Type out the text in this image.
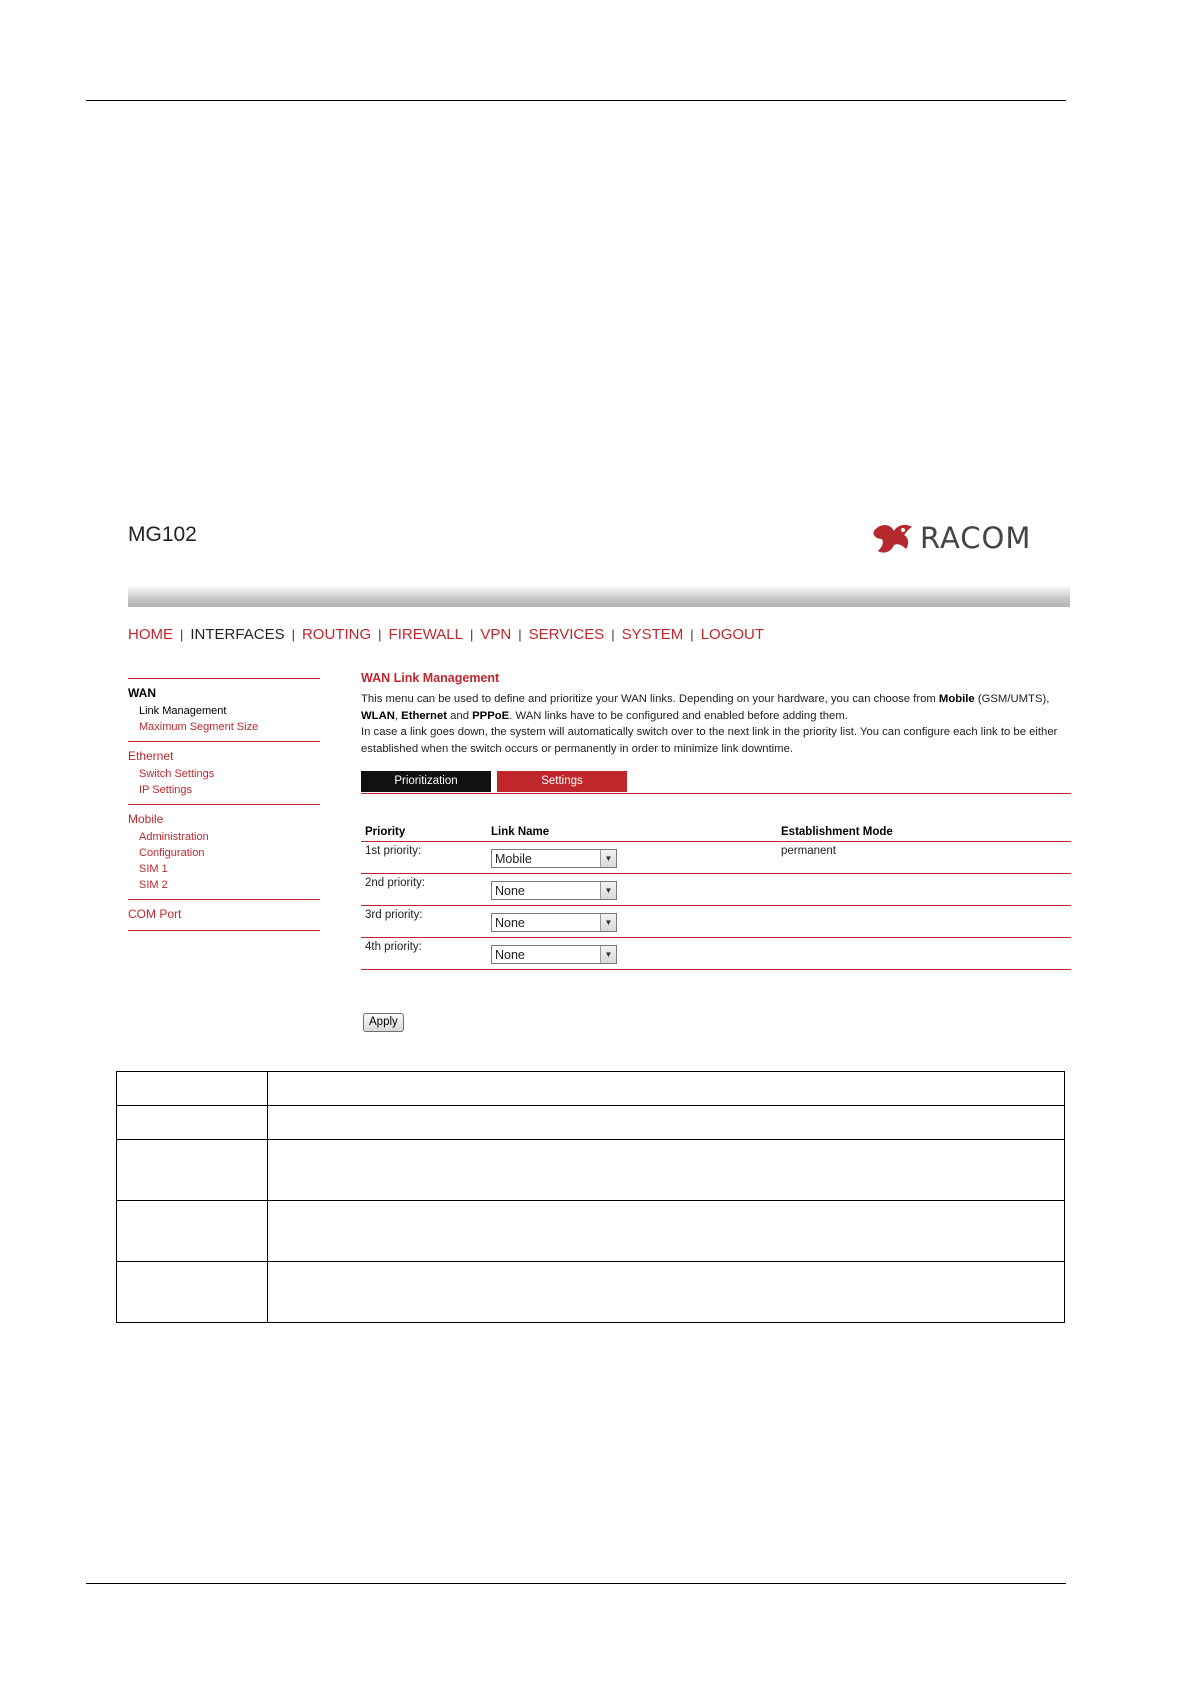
MG102	RACOM
HOME | INTERFACES | ROUTING | FIREWALL | VPN | SERVICES | SYSTEM | LOGOUT
WAN
Link Management
Maximum Segment Size
Ethernet
Switch Settings
IP Settings
Mobile
Administration
Configuration
SIM 1
SIM 2
COM Port
WAN Link Management
This menu can be used to define and prioritize your WAN links. Depending on your hardware, you can choose from Mobile (GSM/UMTS), WLAN, Ethernet and PPPoE. WAN links have to be configured and enabled before adding them.
In case a link goes down, the system will automatically switch over to the next link in the priority list. You can configure each link to be either established when the switch occurs or permanently in order to minimize link downtime.
Prioritization	Settings
Priority	Link Name	Establishment Mode
1st priority:	Mobile ▼	permanent
2nd priority:	None ▼	

3rd priority:	None ▼	

4th priority:	None ▼	

Apply
